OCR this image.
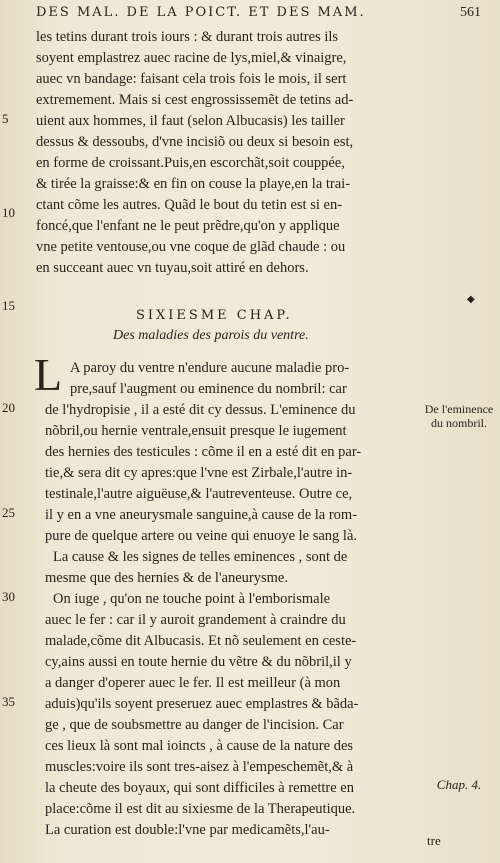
DES MAL. DE LA POICT. ET DES MAM.	561
les tetins durant trois iours : & durant trois autres ils
soyent emplastrez auec racine de lys,miel,& vinaigre,
auec vn bandage: faisant cela trois fois le mois, il sert
extremement. Mais si cest engrossissemẽt de tetins ad-
uient aux hommes, il faut (selon Albucasis) les tailler
dessus & dessoubs, d'vne incisiõ ou deux si besoin est,
en forme de croissant.Puis,en escorchãt,soit couppée,
& tirée la graisse:& en fin on couse la playe,en la trai-
ctant cõme les autres. Quãd le bout du tetin est si en-
foncé,que l'enfant ne le peut prẽdre,qu'on y applique
vne petite ventouse,ou vne coque de glãd chaude : ou
en succeant auec vn tuyau,soit attiré en dehors.
5
10
15	◆
SIXIESME CHAP.
Des maladies des parois du ventre.
L A paroy du ventre n'endure aucune maladie pro-
pre,sauf l'augment ou eminence du nombril: car
de l'hydropisie , il a esté dit cy dessus. L'eminence du
nõbril,ou hernie ventrale,ensuit presque le iugement
des hernies des testicules : cõme il en a esté dit en par-
tie,& sera dit cy apres:que l'vne est Zirbale,l'autre in-
testinale,l'autre aiguëuse,& l'autreventeuse. Outre ce,
il y en a vne aneurysmale sanguine,à cause de la rom-
pure de quelque artere ou veine qui enuoye le sang là.
La cause & les signes de telles eminences , sont de
mesme que des hernies & de l'aneurysme.
On iuge , qu'on ne touche point à l'emborismale
auec le fer : car il y auroit grandement à craindre du
malade,cõme dit Albucasis. Et nõ seulement en ceste-
cy,ains aussi en toute hernie du vẽtre & du nõbril,il y
a danger d'operer auec le fer. Il est meilleur (à mon
aduis)qu'ils soyent preseruez auec emplastres & bãda-
ge , que de soubsmettre au danger de l'incision. Car
ces lieux là sont mal ioincts , à cause de la nature des
muscles:voire ils sont tres-aisez à l'empeschemẽt,& à
la cheute des boyaux, qui sont difficiles à remettre en
place:cõme il est dit au sixiesme de la Therapeutique.
La curation est double:l'vne par medicamẽts,l'au-
20
25
30
35
De l'eminence du nombril.
Chap. 4.
tre
